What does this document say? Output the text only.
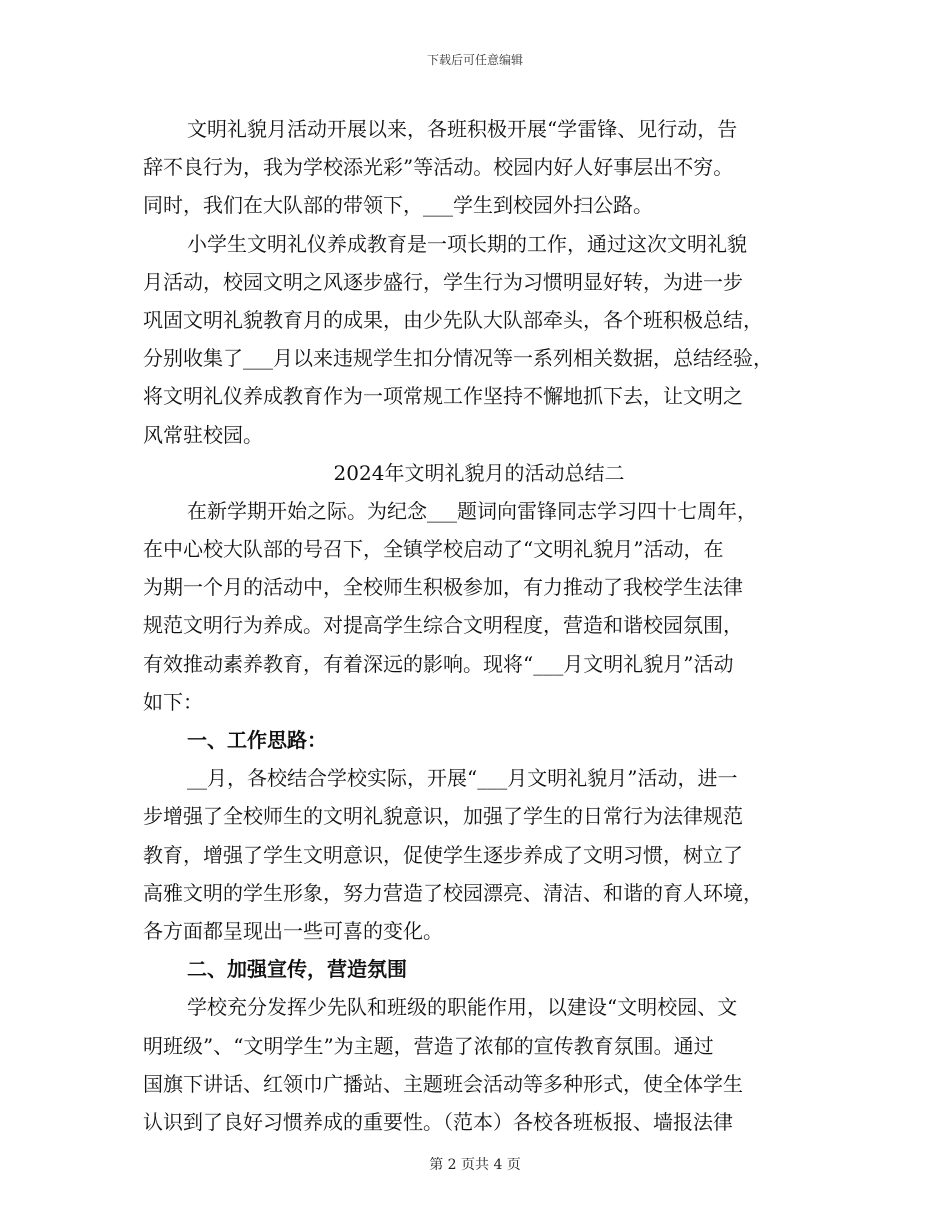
下载后可任意编辑
文明礼貌月活动开展以来，各班积极开展“学雷锋、见行动，告
辞不良行为，我为学校添光彩”等活动。校园内好人好事层出不穷。
同时，我们在大队部的带领下，___学生到校园外扫公路。
小学生文明礼仪养成教育是一项长期的工作，通过这次文明礼貌
月活动，校园文明之风逐步盛行，学生行为习惯明显好转，为进一步
巩固文明礼貌教育月的成果，由少先队大队部牵头，各个班积极总结，
分别收集了___月以来违规学生扣分情况等一系列相关数据，总结经验，
将文明礼仪养成教育作为一项常规工作坚持不懈地抓下去，让文明之
风常驻校园。
2024年文明礼貌月的活动总结二
在新学期开始之际。为纪念___题词向雷锋同志学习四十七周年，
在中心校大队部的号召下，全镇学校启动了“文明礼貌月”活动，在
为期一个月的活动中，全校师生积极参加，有力推动了我校学生法律
规范文明行为养成。对提高学生综合文明程度，营造和谐校园氛围，
有效推动素养教育，有着深远的影响。现将“___月文明礼貌月”活动
如下：
一、工作思路：
__月，各校结合学校实际，开展“___月文明礼貌月”活动，进一
步增强了全校师生的文明礼貌意识，加强了学生的日常行为法律规范
教育，增强了学生文明意识，促使学生逐步养成了文明习惯，树立了
高雅文明的学生形象，努力营造了校园漂亮、清洁、和谐的育人环境，
各方面都呈现出一些可喜的变化。
二、加强宣传，营造氛围
学校充分发挥少先队和班级的职能作用，以建设“文明校园、文
明班级”、“文明学生”为主题，营造了浓郁的宣传教育氛围。通过
国旗下讲话、红领巾广播站、主题班会活动等多种形式，使全体学生
认识到了良好习惯养成的重要性。（范本）各校各班板报、墙报法律
第 2 页共 4 页
